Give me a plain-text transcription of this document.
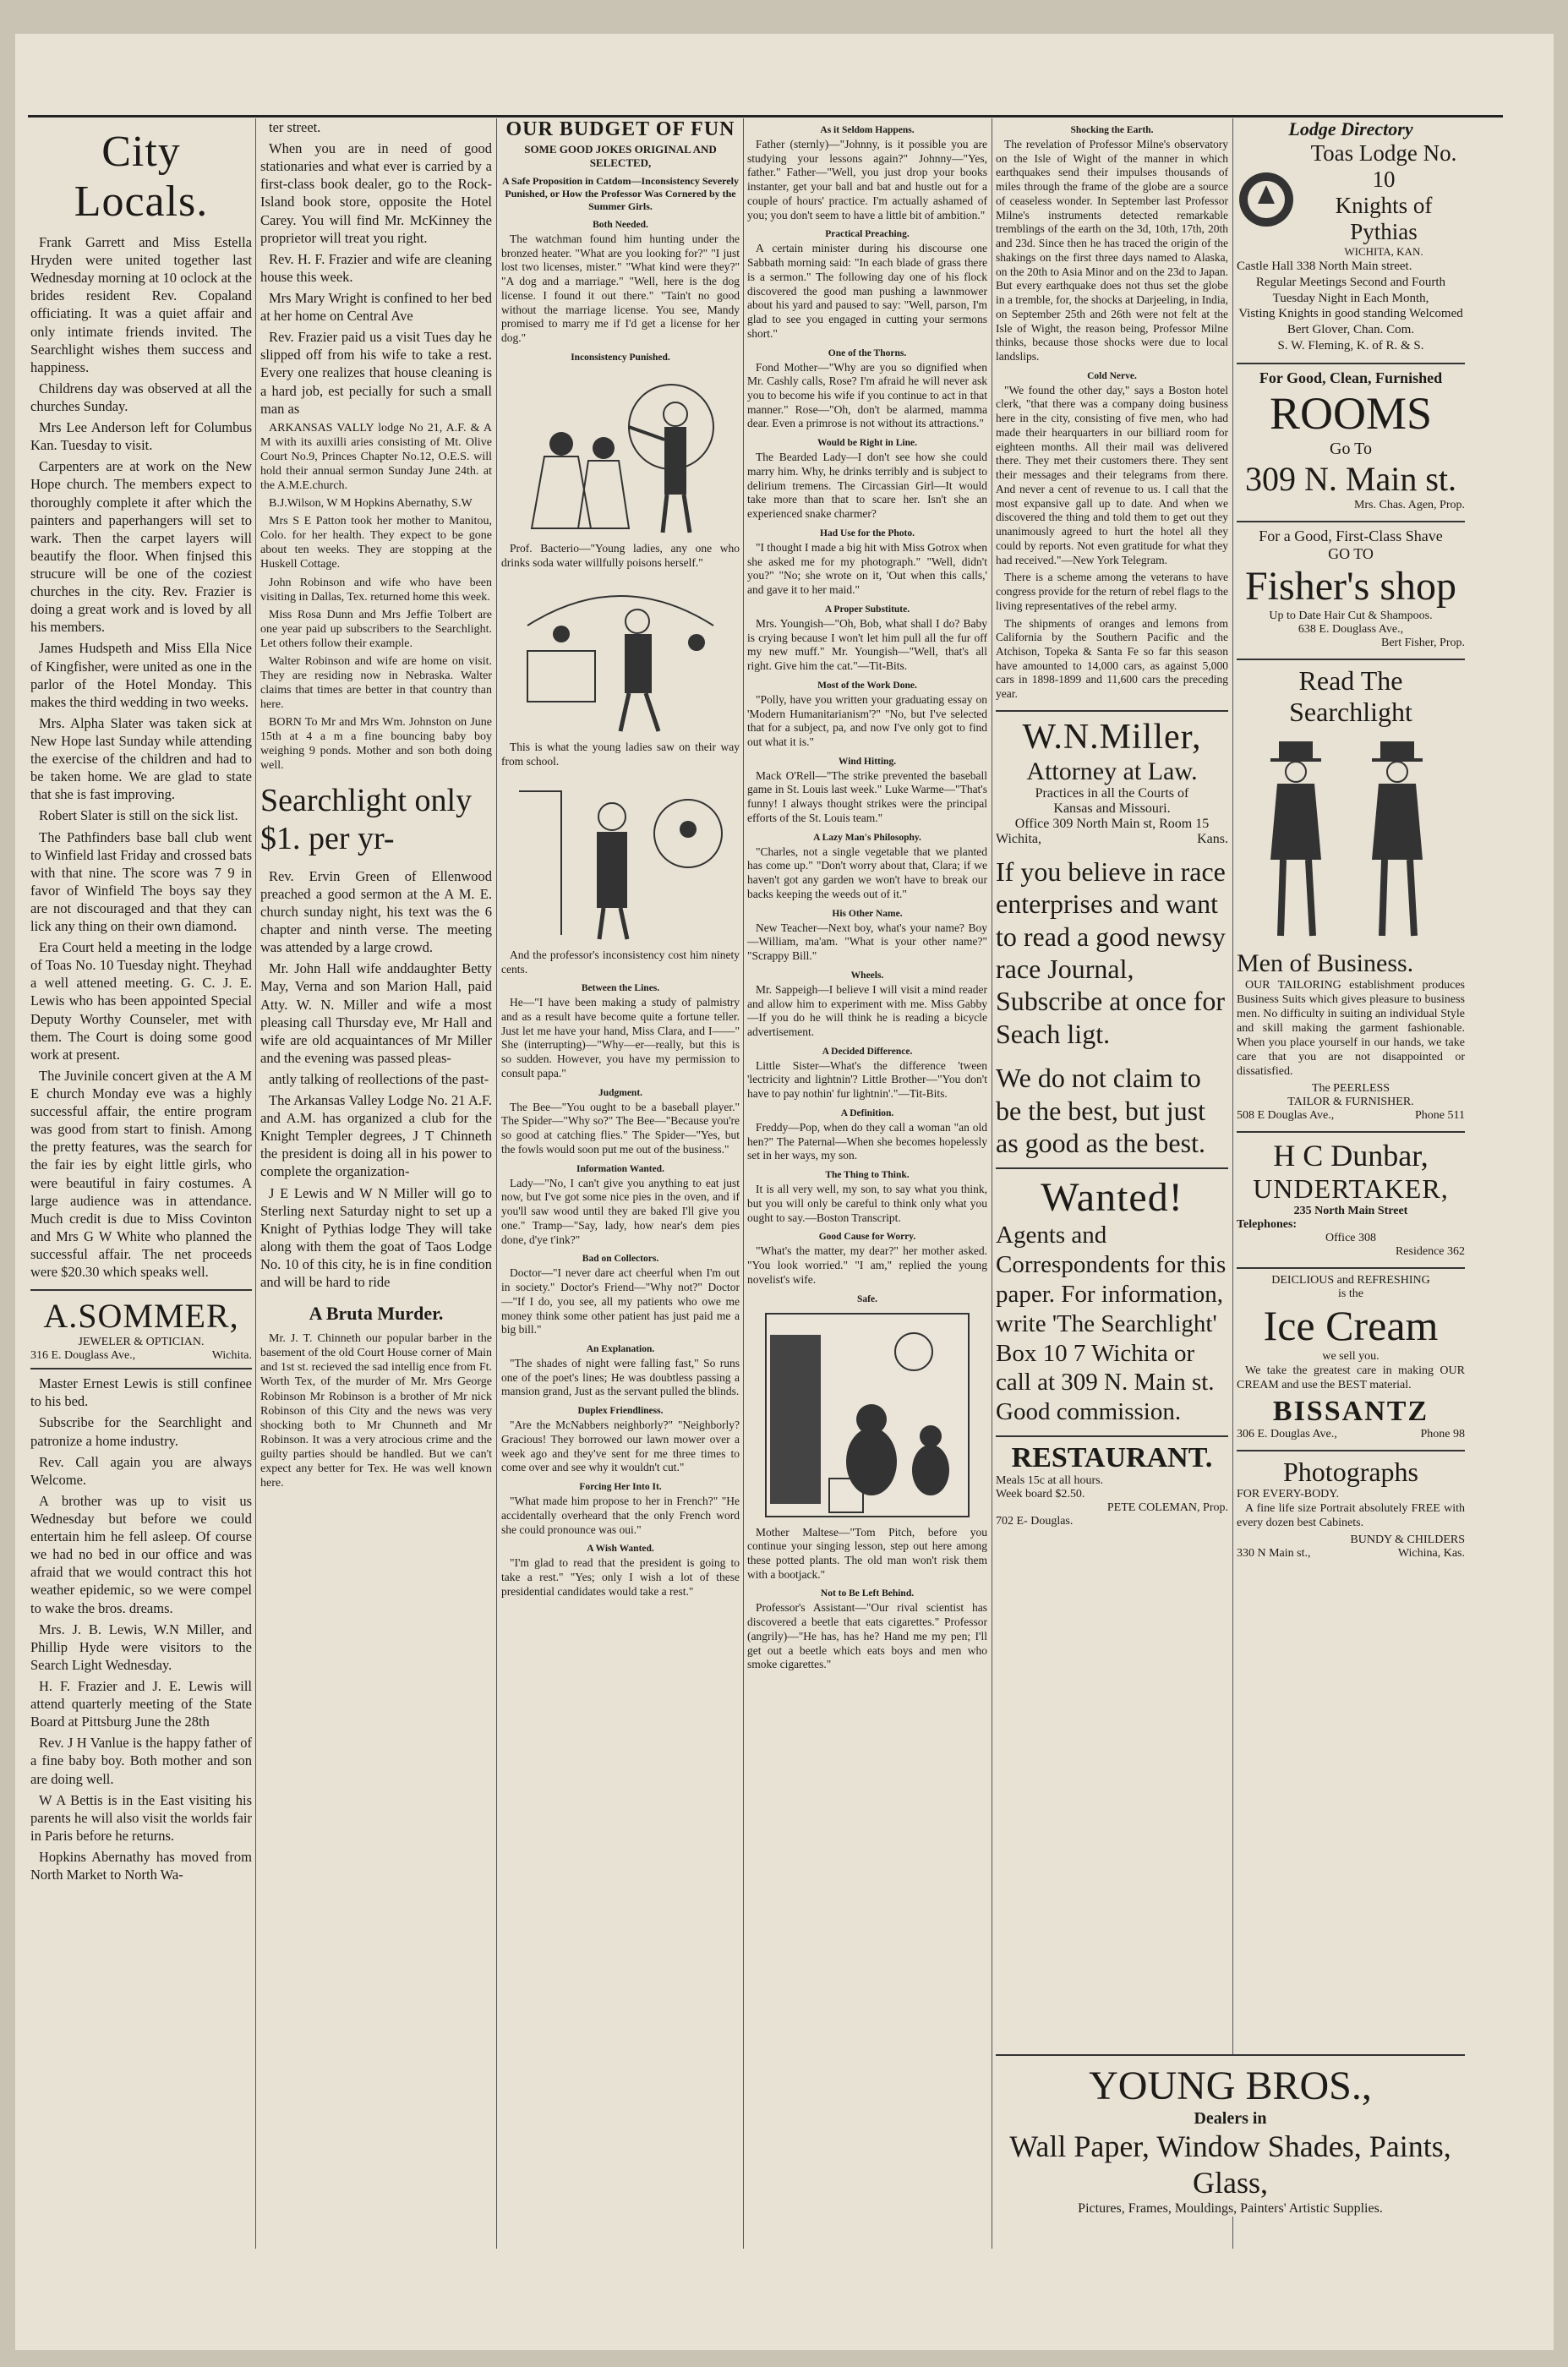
City Locals.

Frank Garrett and Miss Estella Hryden were united together last Wednesday morning at 10 oclock at the brides resident Rev. Copaland officiating. It was a quiet affair and only intimate friends invited. The Searchlight wishes them success and happiness.

Childrens day was observed at all the churches Sunday.

Mrs Lee Anderson left for Columbus Kan. Tuesday to visit.

Carpenters are at work on the New Hope church. The members expect to thoroughly complete it after which the painters and paperhangers will set to wark. Then the carpet layers will beautify the floor. When finjsed this strucure will be one of the coziest churches in the city. Rev. Frazier is doing a great work and is loved by all his members.

James Hudspeth and Miss Ella Nice of Kingfisher, were united as one in the parlor of the Hotel Monday. This makes the third wedding in two weeks.

Mrs. Alpha Slater was taken sick at New Hope last Sunday while attending the exercise of the children and had to be taken home. We are glad to state that she is fast improving.

Robert Slater is still on the sick list.

The Pathfinders base ball club went to Winfield last Friday and crossed bats with that nine. The score was 7 9 in favor of Winfield The boys say they are not discouraged and that they can lick any thing on their own diamond.

Era Court held a meeting in the lodge of Toas No. 10 Tuesday night. Theyhad a well attened meeting. G. C. J. E. Lewis who has been appointed Special Deputy Worthy Counseler, met with them. The Court is doing some good work at present.

The Juvinile concert given at the A M E church Monday eve was a highly successful affair, the entire program was good from start to finish. Among the pretty features, was the search for the fair ies by eight little girls, who were beautiful in fairy costumes. A large audience was in attendance. Much credit is due to Miss Covinton and Mrs G W White who planned the successful affair. The net proceeds were $20.30 which speaks well.

A.SOMMER,
JEWELER & OPTICIAN.
316 E. Douglass Ave.,	Wichita.

Master Ernest Lewis is still confinee to his bed.

Subscribe for the Searchlight and patronize a home industry.

Rev. Call again you are always Welcome.

A brother was up to visit us Wednesday but before we could entertain him he fell asleep. Of course we had no bed in our office and was afraid that we would contract this hot weather epidemic, so we were compel to wake the bros. dreams.

Mrs. J. B. Lewis, W.N Miller, and Phillip Hyde were visitors to the Search Light Wednesday.

H. F. Frazier and J. E. Lewis will attend quarterly meeting of the State Board at Pittsburg June the 28th

Rev. J H Vanlue is the happy father of a fine baby boy. Both mother and son are doing well.

W A Bettis is in the East visiting his parents he will also visit the worlds fair in Paris before he returns.

Hopkins Abernathy has moved from North Market to North Wa-

ter street.

When you are in need of good stationaries and what ever is carried by a first-class book dealer, go to the Rock-Island book store, opposite the Hotel Carey. You will find Mr. McKinney the proprietor will treat you right.

Rev. H. F. Frazier and wife are cleaning house this week.

Mrs Mary Wright is confined to her bed at her home on Central Ave

Rev. Frazier paid us a visit Tues day he slipped off from his wife to take a rest. Every one realizes that house cleaning is a hard job, est pecially for such a small man as

ARKANSAS VALLY lodge No 21, A.F. & A M with its auxilli aries consisting of Mt. Olive Court No.9, Princes Chapter No.12, O.E.S. will hold their annual sermon Sunday June 24th. at the A.M.E.church.

B.J.Wilson, W M Hopkins Abernathy, S.W

Mrs S E Patton took her mother to Manitou, Colo. for her health. They expect to be gone about ten weeks. They are stopping at the Huskell Cottage.

John Robinson and wife who have been visiting in Dallas, Tex. returned home this week.

Miss Rosa Dunn and Mrs Jeffie Tolbert are one year paid up subscribers to the Searchlight. Let others follow their example.

Walter Robinson and wife are home on visit. They are residing now in Nebraska. Walter claims that times are better in that country than here.

BORN To Mr and Mrs Wm. Johnston on June 15th at 4 a m a fine bouncing baby boy weighing 9 ponds. Mother and son both doing well.

Searchlight only $1. per yr-

Rev. Ervin Green of Ellenwood preached a good sermon at the A M. E. church sunday night, his text was the 6 chapter and ninth verse. The meeting was attended by a large crowd.

Mr. John Hall wife anddaughter Betty May, Verna and son Marion Hall, paid Atty. W. N. Miller and wife a most pleasing call Thursday eve, Mr Hall and wife are old acquaintances of Mr Miller and the evening was passed pleas-

antly talking of reollections of the past-

The Arkansas Valley Lodge No. 21 A.F. and A.M. has organized a club for the Knight Templer degrees, J T Chinneth the president is doing all in his power to complete the organization-

J E Lewis and W N Miller will go to Sterling next Saturday night to set up a Knight of Pythias lodge They will take along with them the goat of Taos Lodge No. 10 of this city, he is in fine condition and will be hard to ride

A Bruta Murder.

Mr. J. T. Chinneth our popular barber in the basement of the old Court House corner of Main and 1st st. recieved the sad intellig ence from Ft. Worth Tex, of the murder of Mr. Mrs George Robinson Mr Robinson is a brother of Mr nick Robinson of this City and the news was very shocking both to Mr Chunneth and Mr Robinson. It was a very atrocious crime and the guilty parties should be handled. But we can't expect any better for Tex. He was well known here.

OUR BUDGET OF FUN
SOME GOOD JOKES ORIGINAL AND SELECTED,
A Safe Proposition in Catdom—Inconsistency Severely Punished, or How the Professor Was Cornered by the Summer Girls.
Both Needed.

The watchman found him hunting under the bronzed heater. "What are you looking for?" "I just lost two licenses, mister." "What kind were they?" "A dog and a marriage." "Well, here is the dog license. I found it out there." "Tain't no good without the marriage license. You see, Mandy promised to marry me if I'd get a license for her dog."

Inconsistency Punished.

Prof. Bacterio—"Young ladies, any one who drinks soda water willfully poisons herself."

This is what the young ladies saw on their way from school.

And the professor's inconsistency cost him ninety cents.

Between the Lines.

He—"I have been making a study of palmistry and as a result have become quite a fortune teller. Just let me have your hand, Miss Clara, and I——" She (interrupting)—"Why—er—really, but this is so sudden. However, you have my permission to consult papa."

Judgment.

The Bee—"You ought to be a baseball player." The Spider—"Why so?" The Bee—"Because you're so good at catching flies." The Spider—"Yes, but the fowls would soon put me out of the business."

Information Wanted.

Lady—"No, I can't give you anything to eat just now, but I've got some nice pies in the oven, and if you'll saw wood until they are baked I'll give you one." Tramp—"Say, lady, how near's dem pies done, d'ye t'ink?"

Bad on Collectors.

Doctor—"I never dare act cheerful when I'm out in society." Doctor's Friend—"Why not?" Doctor—"If I do, you see, all my patients who owe me money think some other patient has just paid me a big bill."

An Explanation.

"The shades of night were falling fast," So runs one of the poet's lines; He was doubtless passing a mansion grand, Just as the servant pulled the blinds.

Duplex Friendliness.

"Are the McNabbers neighborly?" "Neighborly? Gracious! They borrowed our lawn mower over a week ago and they've sent for me three times to come over and see why it wouldn't cut."

Forcing Her Into It.

"What made him propose to her in French?" "He accidentally overheard that the only French word she could pronounce was oui."

A Wish Wanted.

"I'm glad to read that the president is going to take a rest." "Yes; only I wish a lot of these presidential candidates would take a rest."

As it Seldom Happens.

Father (sternly)—"Johnny, is it possible you are studying your lessons again?" Johnny—"Yes, father." Father—"Well, you just drop your books instanter, get your ball and bat and hustle out for a couple of hours' practice. I'm actually ashamed of you; you don't seem to have a little bit of ambition."

Practical Preaching.

A certain minister during his discourse one Sabbath morning said: "In each blade of grass there is a sermon." The following day one of his flock discovered the good man pushing a lawnmower about his yard and paused to say: "Well, parson, I'm glad to see you engaged in cutting your sermons short."

One of the Thorns.

Fond Mother—"Why are you so dignified when Mr. Cashly calls, Rose? I'm afraid he will never ask you to become his wife if you continue to act in that manner." Rose—"Oh, don't be alarmed, mamma dear. Even a primrose is not without its attractions."

Would be Right in Line.

The Bearded Lady—I don't see how she could marry him. Why, he drinks terribly and is subject to delirium tremens. The Circassian Girl—It would take more than that to scare her. Isn't she an experienced snake charmer?

Had Use for the Photo.

"I thought I made a big hit with Miss Gotrox when she asked me for my photograph." "Well, didn't you?" "No; she wrote on it, 'Out when this calls,' and gave it to her maid."

A Proper Substitute.

Mrs. Youngish—"Oh, Bob, what shall I do? Baby is crying because I won't let him pull all the fur off my new muff." Mr. Youngish—"Well, that's all right. Give him the cat."—Tit-Bits.

Most of the Work Done.

"Polly, have you written your graduating essay on 'Modern Humanitarianism'?" "No, but I've selected that for a subject, pa, and now I've only got to find out what it is."

Wind Hitting.

Mack O'Rell—"The strike prevented the baseball game in St. Louis last week." Luke Warme—"That's funny! I always thought strikes were the principal efforts of the St. Louis team."

A Lazy Man's Philosophy.

"Charles, not a single vegetable that we planted has come up." "Don't worry about that, Clara; if we haven't got any garden we won't have to break our backs keeping the weeds out of it."

His Other Name.

New Teacher—Next boy, what's your name? Boy—William, ma'am. "What is your other name?" "Scrappy Bill."

Wheels.

Mr. Sappeigh—I believe I will visit a mind reader and allow him to experiment with me. Miss Gabby—If you do he will think he is reading a bicycle advertisement.

A Decided Difference.

Little Sister—What's the difference 'tween 'lectricity and lightnin'? Little Brother—"You don't have to pay nothin' fur lightnin'."—Tit-Bits.

A Definition.

Freddy—Pop, when do they call a woman "an old hen?" The Paternal—When she becomes hopelessly set in her ways, my son.

The Thing to Think.

It is all very well, my son, to say what you think, but you will only be careful to think only what you ought to say.—Boston Transcript.

Good Cause for Worry.

"What's the matter, my dear?" her mother asked. "You look worried." "I am," replied the young novelist's wife.

Safe.

Mother Maltese—"Tom Pitch, before you continue your singing lesson, step out here among these potted plants. The old man won't risk them with a bootjack."

Not to Be Left Behind.

Professor's Assistant—"Our rival scientist has discovered a beetle that eats cigarettes." Professor (angrily)—"He has, has he? Hand me my pen; I'll get out a beetle which eats boys and men who smoke cigarettes."

Shocking the Earth.

The revelation of Professor Milne's observatory on the Isle of Wight of the manner in which earthquakes send their impulses thousands of miles through the frame of the globe are a source of ceaseless wonder. In September last Professor Milne's instruments detected remarkable tremblings of the earth on the 3d, 10th, 17th, 20th and 23d. Since then he has traced the origin of the shakings on the first three days named to Alaska, on the 20th to Asia Minor and on the 23d to Japan. But every earthquake does not thus set the globe in a tremble, for, the shocks at Darjeeling, in India, on September 25th and 26th were not felt at the Isle of Wight, the reason being, Professor Milne thinks, because those shocks were due to local landslips.

Cold Nerve.

"We found the other day," says a Boston hotel clerk, "that there was a company doing business here in the city, consisting of five men, who had made their hearquarters in our billiard room for eighteen months. All their mail was delivered there. They met their customers there. They sent their messages and their telegrams from there. And never a cent of revenue to us. I call that the most expansive gall up to date. And when we discovered the thing and told them to get out they unanimously agreed to hurt the hotel all they could by reports. Not even gratitude for what they had received."—New York Telegram.

There is a scheme among the veterans to have congress provide for the return of rebel flags to the living representatives of the rebel army.

The shipments of oranges and lemons from California by the Southern Pacific and the Atchison, Topeka & Santa Fe so far this season have amounted to 14,000 cars, as against 5,000 cars in 1898-1899 and 11,600 cars the preceding year.

W.N.Miller,
Attorney at Law.
Practices in all the Courts of
Kansas and Missouri.
Office 309 North Main st, Room 15
Wichita,	Kans.
If you believe in race enterprises and want to read a good newsy race Journal, Subscribe at once for Seach ligt.
We do not claim to be the best, but just as good as the best.
Wanted!

Agents and Correspondents for this paper. For information, write 'The Searchlight' Box 10 7 Wichita or call at 309 N. Main st. Good commission.

RESTAURANT.
Meals 15c at all hours.
Week board $2.50.
PETE COLEMAN, Prop.
702 E- Douglas.
Lodge Directory
Toas Lodge No. 10
Knights of Pythias
WICHITA, KAN.
Castle Hall 338 North Main street.
Regular Meetings Second and Fourth
Tuesday Night in Each Month,
Visting Knights in good standing Welcomed
Bert Glover, Chan. Com.
S. W. Fleming, K. of R. & S.
For Good, Clean, Furnished
ROOMS
Go To
309 N. Main st.
Mrs. Chas. Agen, Prop.
For a Good, First-Class Shave
GO TO
Fisher's shop
Up to Date Hair Cut & Shampoos.
638 E. Douglass Ave.,
Bert Fisher, Prop.
Read The Searchlight
Men of Business.

OUR TAILORING establishment produces Business Suits which gives pleasure to business men. No difficulty in suiting an individual Style and skill making the garment fashionable. When you place yourself in our hands, we take care that you are not disappointed or dissatisfied.

The PEERLESS
TAILOR & FURNISHER.
508 E Douglas Ave.,	Phone 511
H C Dunbar,
UNDERTAKER,
235 North Main Street
Telephones:
Office 308
Residence 362
DEICLIOUS and REFRESHING
is the
Ice Cream
we sell you.

We take the greatest care in making OUR CREAM and use the BEST material.

BISSANTZ
306 E. Douglas Ave.,	Phone 98
Photographs
FOR EVERY-BODY.

A fine life size Portrait absolutely FREE with every dozen best Cabinets.

BUNDY & CHILDERS
330 N Main st.,	Wichina, Kas.
YOUNG BROS.,
Dealers in
Wall Paper, Window Shades, Paints, Glass,
Pictures, Frames, Mouldings, Painters' Artistic Supplies.
